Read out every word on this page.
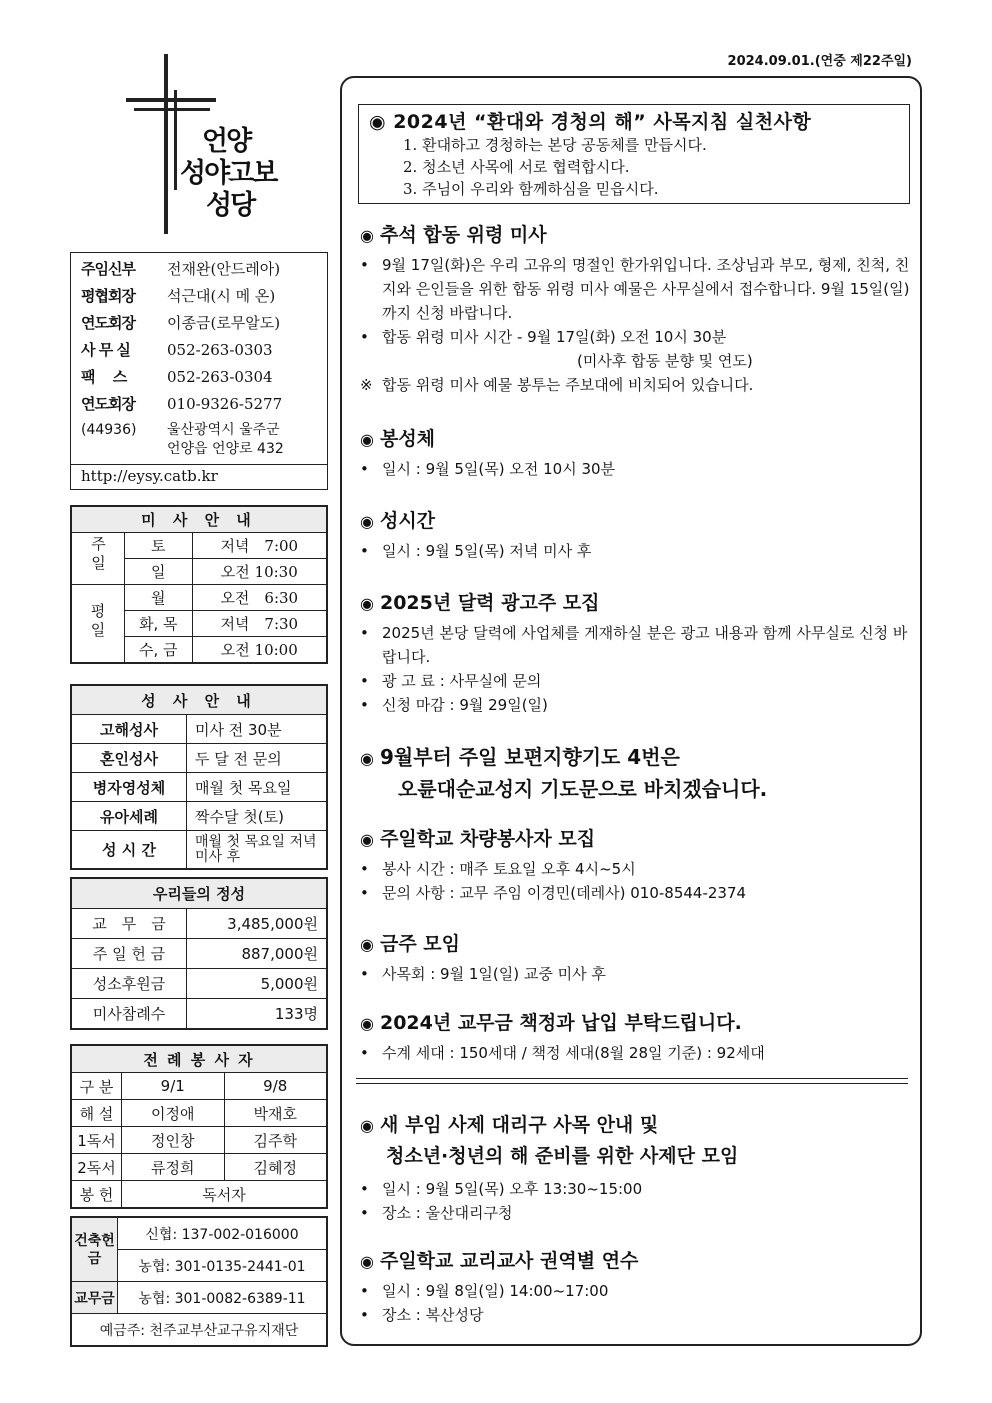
2024.09.01.(연중 제22주일)
언양
성야고보
성당
주임신부	전재완(안드레아)
평협회장	석근대(시 메 온)
연도회장	이종금(로무알도)
사 무 실	052-263-0303
팩　 스	052-263-0304
연도회장	010-9326-5277
(44936)	울산광역시 울주군
언양읍 언양로 432
http://eysy.catb.kr
미 사 안 내		
주일	토	저녁　7:00
	일	오전 10:30
평일	월	오전　6:30
	화, 목	저녁　7:30
	수, 금	오전 10:00
성 사 안 내	
고해성사	미사 전 30분
혼인성사	두 달 전 문의
병자영성체	매월 첫 목요일
유아세례	짝수달 첫(토)
성 시 간	매월 첫 목요일 저녁미사 후
우리들의 정성	
교　무　금	3,485,000원
주 일 헌 금	887,000원
성소후원금	5,000원
미사참례수	133명
전 례 봉 사 자		
구 분	9/1	9/8
해 설	이정애	박재호
1독서	정인창	김주학
2독서	류정희	김혜정
봉 헌	독서자	
건축헌금	신협: 137-002-016000
	농협: 301-0135-2441-01
교무금	농협: 301-0082-6389-11
예금주: 천주교부산교구유지재단	
◉ 2024년 “환대와 경청의 해” 사목지침 실천사항
1. 환대하고 경청하는 본당 공동체를 만듭시다.
2. 청소년 사목에 서로 협력합시다.
3. 주님이 우리와 함께하심을 믿읍시다.
◉ 추석 합동 위령 미사
• 9월 17일(화)은 우리 고유의 명절인 한가위입니다. 조상님과 부모, 형제, 친척, 친지와 은인들을 위한 합동 위령 미사 예물은 사무실에서 접수합니다. 9월 15일(일)까지 신청 바랍니다.
• 합동 위령 미사 시간 - 9월 17일(화) 오전 10시 30분
　　　　　　　　　　　　　(미사후 합동 분향 및 연도)
※ 합동 위령 미사 예물 봉투는 주보대에 비치되어 있습니다.
◉ 봉성체
• 일시 : 9월 5일(목) 오전 10시 30분
◉ 성시간
• 일시 : 9월 5일(목) 저녁 미사 후
◉ 2025년 달력 광고주 모집
• 2025년 본당 달력에 사업체를 게재하실 분은 광고 내용과 함께 사무실로 신청 바랍니다.
• 광 고 료 : 사무실에 문의
• 신청 마감 : 9월 29일(일)
◉ 9월부터 주일 보편지향기도 4번은
오륜대순교성지 기도문으로 바치겠습니다.
◉ 주일학교 차량봉사자 모집
• 봉사 시간 : 매주 토요일 오후 4시~5시
• 문의 사항 : 교무 주임 이경민(데레사) 010-8544-2374
◉ 금주 모임
• 사목회 : 9월 1일(일) 교중 미사 후
◉ 2024년 교무금 책정과 납입 부탁드립니다.
• 수계 세대 : 150세대 / 책정 세대(8월 28일 기준) : 92세대
◉ 새 부임 사제 대리구 사목 안내 및
청소년·청년의 해 준비를 위한 사제단 모임
• 일시 : 9월 5일(목) 오후 13:30~15:00
• 장소 : 울산대리구청
◉ 주일학교 교리교사 권역별 연수
• 일시 : 9월 8일(일) 14:00~17:00
• 장소 : 복산성당
